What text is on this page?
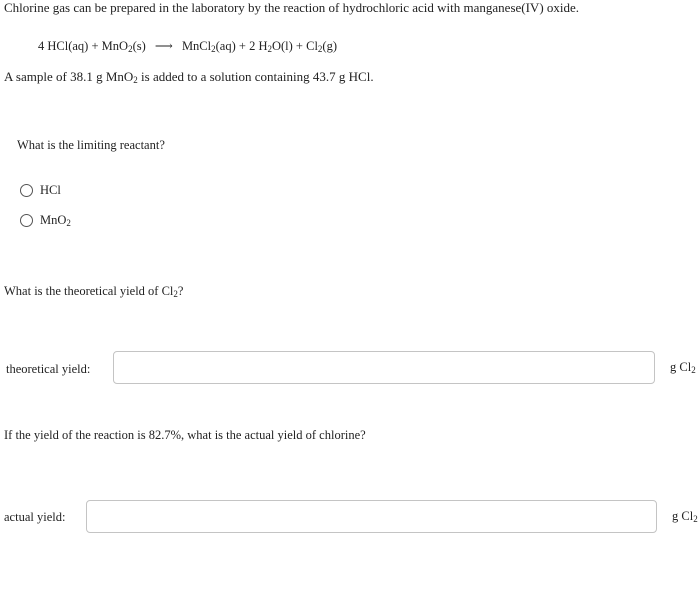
Chlorine gas can be prepared in the laboratory by the reaction of hydrochloric acid with manganese(IV) oxide.
4 HCl(aq) + MnO$_2$(s) ⟶ MnCl$_2$(aq) + 2 $H_2O(l) + Cl_2(g)$
A sample of 38.1 g MnO$_2$ is added to a solution containing 43.7 g HCl.
What is the limiting reactant?
HCl
MnO$_2$
What is the theoretical yield of $Cl_2$?
theoretical yield:	g $Cl_2$
If the yield of the reaction is 82.7%, what is the actual yield of chlorine?
actual yield:	g $Cl_2$
